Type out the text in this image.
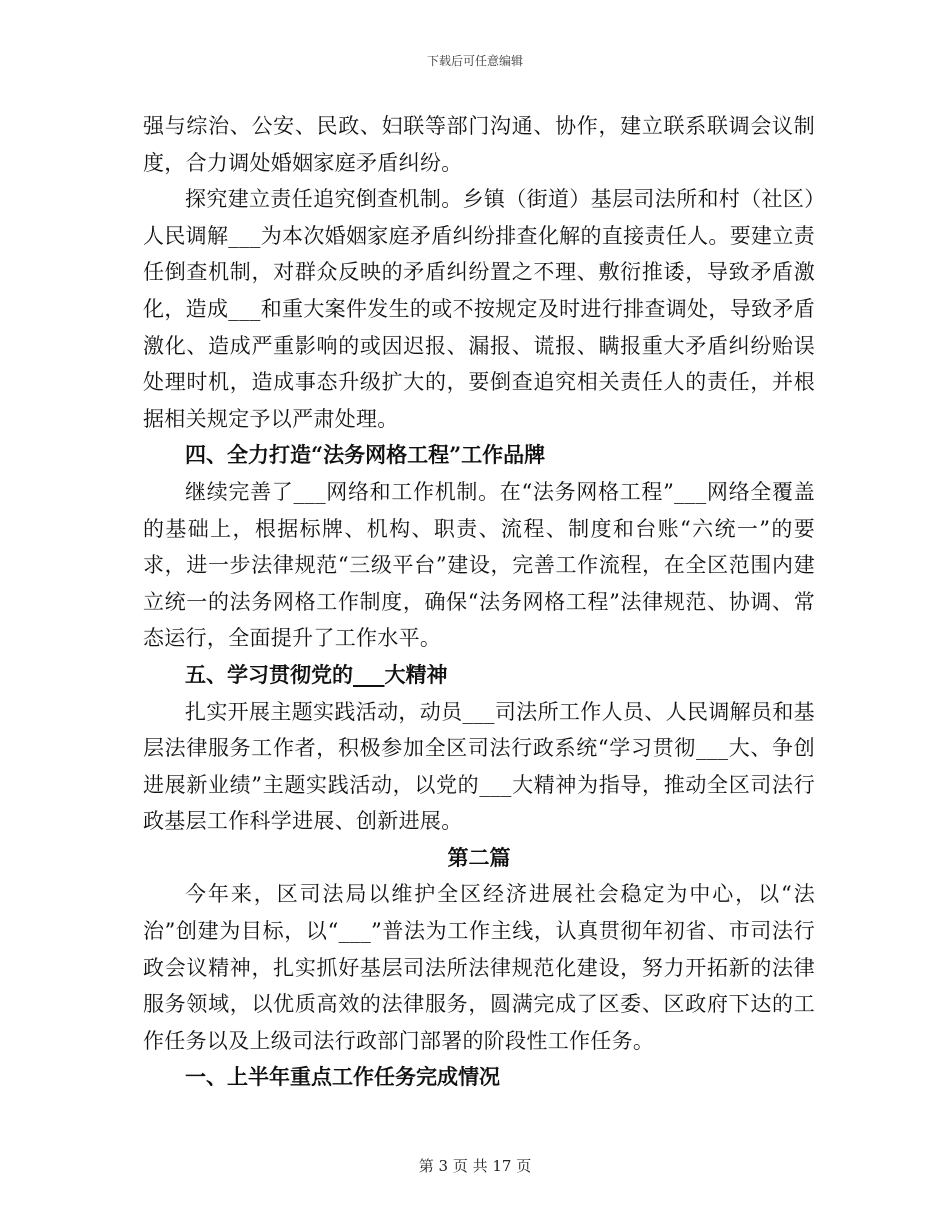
下载后可任意编辑

强与综治、公安、民政、妇联等部门沟通、协作，建立联系联调会议制度，合力调处婚姻家庭矛盾纠纷。

探究建立责任追究倒查机制。乡镇（街道）基层司法所和村（社区）人民调解___为本次婚姻家庭矛盾纠纷排查化解的直接责任人。要建立责任倒查机制，对群众反映的矛盾纠纷置之不理、敷衍推诿，导致矛盾激化，造成___和重大案件发生的或不按规定及时进行排查调处，导致矛盾激化、造成严重影响的或因迟报、漏报、谎报、瞒报重大矛盾纠纷贻误处理时机，造成事态升级扩大的，要倒查追究相关责任人的责任，并根据相关规定予以严肃处理。

四、全力打造“法务网格工程”工作品牌

继续完善了___网络和工作机制。在“法务网格工程”___网络全覆盖的基础上，根据标牌、机构、职责、流程、制度和台账“六统一”的要求，进一步法律规范“三级平台”建设，完善工作流程，在全区范围内建立统一的法务网格工作制度，确保“法务网格工程”法律规范、协调、常态运行，全面提升了工作水平。

五、学习贯彻党的___大精神

扎实开展主题实践活动，动员___司法所工作人员、人民调解员和基层法律服务工作者，积极参加全区司法行政系统“学习贯彻___大、争创进展新业绩”主题实践活动，以党的___大精神为指导，推动全区司法行政基层工作科学进展、创新进展。

第二篇

今年来，区司法局以维护全区经济进展社会稳定为中心，以“法治”创建为目标，以“___”普法为工作主线，认真贯彻年初省、市司法行政会议精神，扎实抓好基层司法所法律规范化建设，努力开拓新的法律服务领域，以优质高效的法律服务，圆满完成了区委、区政府下达的工作任务以及上级司法行政部门部署的阶段性工作任务。

一、上半年重点工作任务完成情况

第 3 页 共 17 页
